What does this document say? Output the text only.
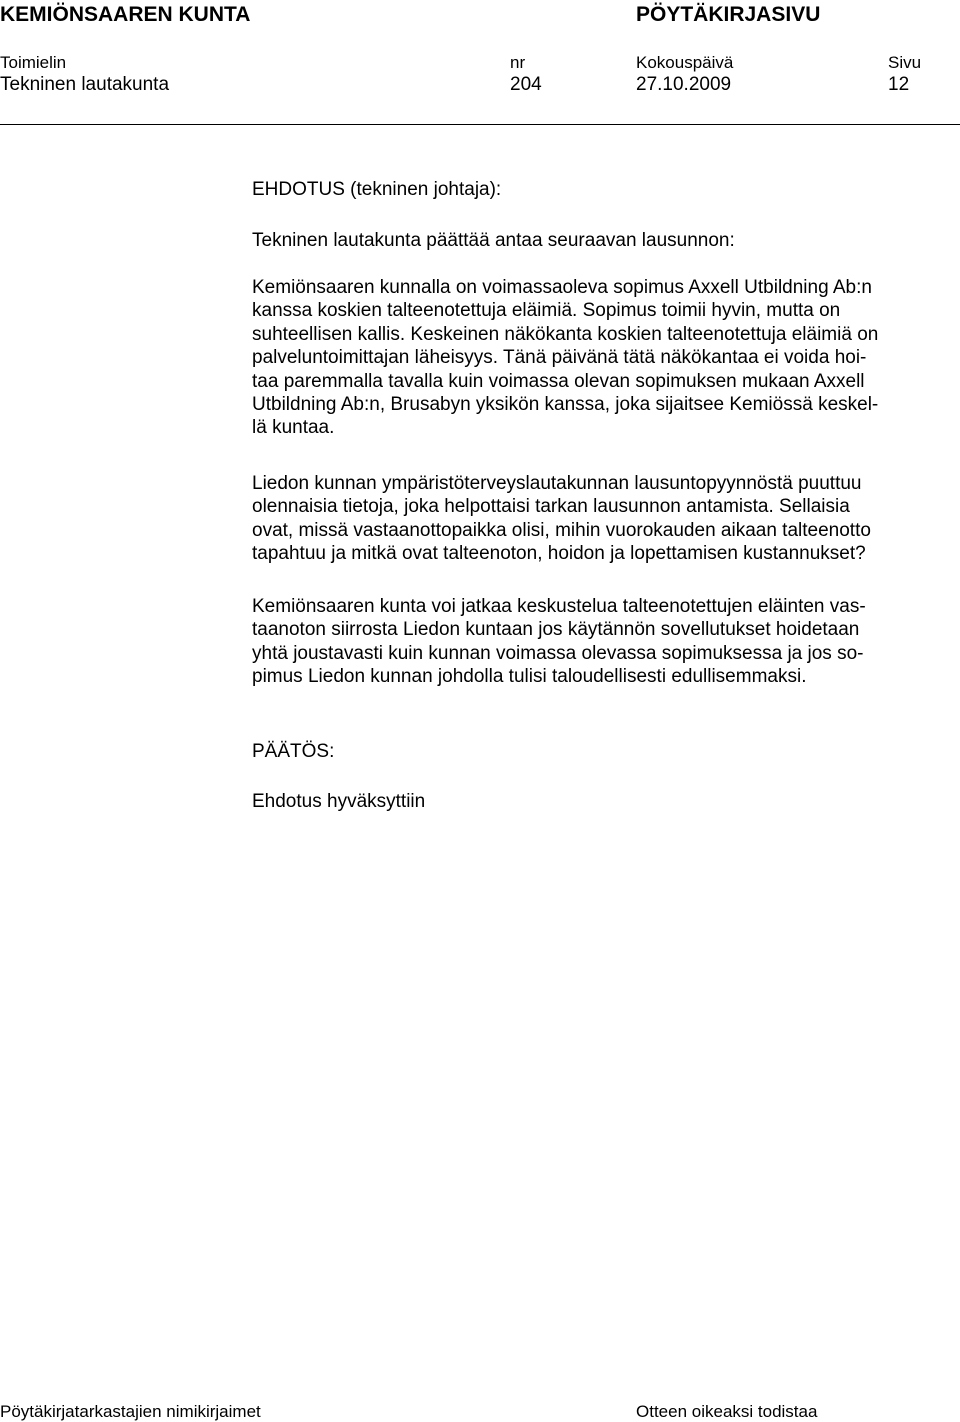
KEMIÖNSAAREN KUNTA	PÖYTÄKIRJASIVU
Toimielin	nr	Kokouspäivä	Sivu
Tekninen lautakunta	204	27.10.2009	12
EHDOTUS (tekninen johtaja):
Tekninen lautakunta päättää antaa seuraavan lausunnon:

Kemiönsaaren kunnalla on voimassaoleva sopimus Axxell Utbildning Ab:n
kanssa koskien talteenotettuja eläimiä. Sopimus toimii hyvin, mutta on
suhteellisen kallis. Keskeinen näkökanta koskien talteenotettuja eläimiä on
palveluntoimittajan läheisyys. Tänä päivänä tätä näkökantaa ei voida hoi-
taa paremmalla tavalla kuin voimassa olevan sopimuksen mukaan Axxell
Utbildning Ab:n, Brusabyn yksikön kanssa, joka sijaitsee Kemiössä keskel-
lä kuntaa.

Liedon kunnan ympäristöterveyslautakunnan lausuntopyynnöstä puuttuu
olennaisia tietoja, joka helpottaisi tarkan lausunnon antamista. Sellaisia
ovat, missä vastaanottopaikka olisi, mihin vuorokauden aikaan talteenotto
tapahtuu ja mitkä ovat talteenoton, hoidon ja lopettamisen kustannukset?

Kemiönsaaren kunta voi jatkaa keskustelua talteenotettujen eläinten vas-
taanoton siirrosta Liedon kuntaan jos käytännön sovellutukset hoidetaan
yhtä joustavasti kuin kunnan voimassa olevassa sopimuksessa ja jos so-
pimus Liedon kunnan johdolla tulisi taloudellisesti edullisemmaksi.

PÄÄTÖS:
Ehdotus hyväksyttiin
Pöytäkirjatarkastajien nimikirjaimet	Otteen oikeaksi todistaa
